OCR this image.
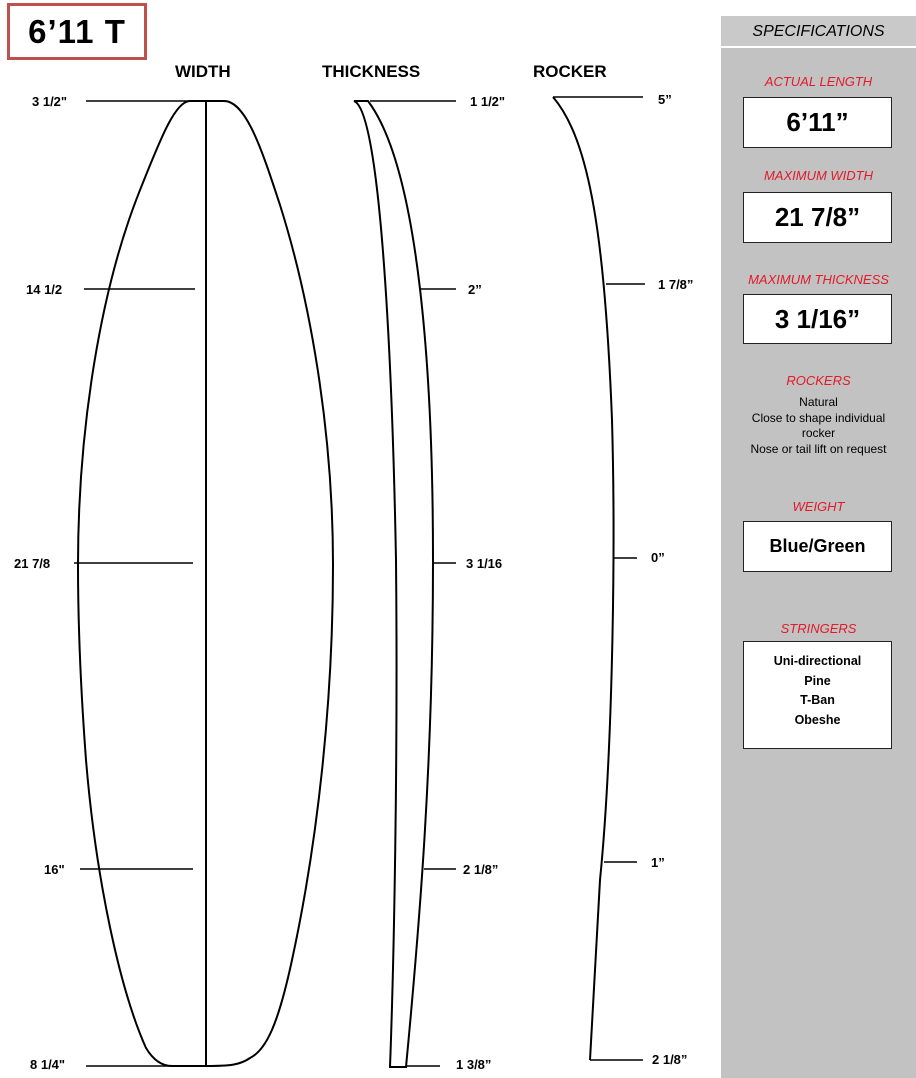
6’11 T
WIDTH	THICKNESS	ROCKER
3 1/2"
14 1/2
21 7/8
16"
8 1/4"
1 1/2"
2”
3 1/16
2 1/8”
1 3/8”
5”
1 7/8”
0”
1”
2 1/8”
SPECIFICATIONS
ACTUAL LENGTH
6’11”
MAXIMUM WIDTH
21 7/8”
MAXIMUM THICKNESS
3 1/16”
ROCKERS
Natural
Close to shape individual
rocker
Nose or tail lift on request
WEIGHT
Blue/Green
STRINGERS
Uni-directional
Pine
T-Ban
Obeshe
